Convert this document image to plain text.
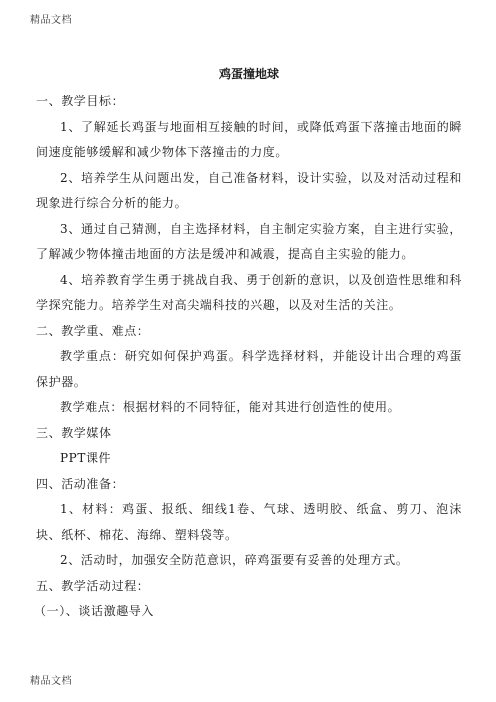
精品文档
鸡蛋撞地球
一、教学目标：
1、了解延长鸡蛋与地面相互接触的时间，或降低鸡蛋下落撞击地面的瞬间速度能够缓解和减少物体下落撞击的力度。
2、培养学生从问题出发，自己准备材料，设计实验，以及对活动过程和现象进行综合分析的能力。
3、通过自己猜测，自主选择材料，自主制定实验方案，自主进行实验，了解减少物体撞击地面的方法是缓冲和减震，提高自主实验的能力。
4、培养教育学生勇于挑战自我、勇于创新的意识，以及创造性思维和科学探究能力。培养学生对高尖端科技的兴趣，以及对生活的关注。
二、教学重、难点：
教学重点：研究如何保护鸡蛋。科学选择材料，并能设计出合理的鸡蛋保护器。
教学难点：根据材料的不同特征，能对其进行创造性的使用。
三、教学媒体
PPT课件
四、活动准备：
1、材料：鸡蛋、报纸、细线1卷、气球、透明胶、纸盒、剪刀、泡沫块、纸杯、棉花、海绵、塑料袋等。
2、活动时，加强安全防范意识，碎鸡蛋要有妥善的处理方式。
五、教学活动过程：
（一）、谈话激趣导入
精品文档
